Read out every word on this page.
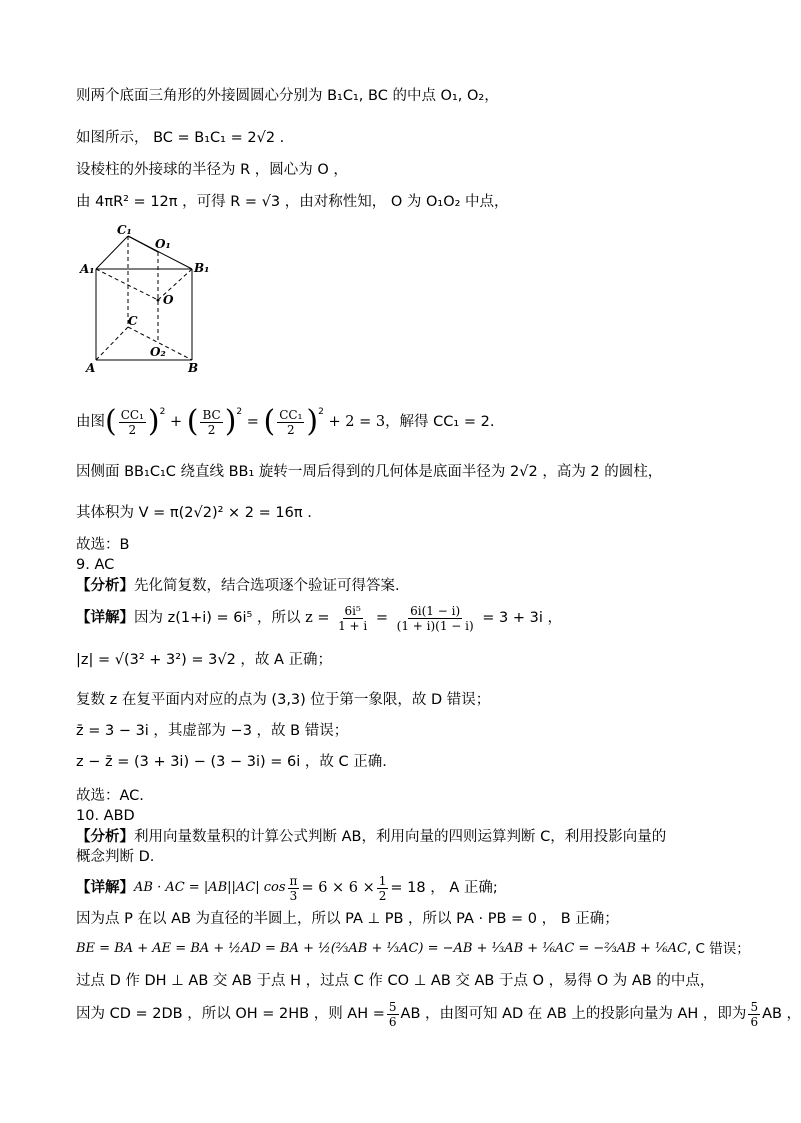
则两个底面三角形的外接圆圆心分别为 B₁C₁, BC 的中点 O₁, O₂，
如图所示， BC = B₁C₁ = 2√2 .
设棱柱的外接球的半径为 R ，圆心为 O ，
由 4πR² = 12π ，可得 R = √3 ，由对称性知， O 为 O₁O₂ 中点，
C₁
O₁
A₁	B₁
O
C
O₂
A	B
由图 ( $\frac{\text{CC₁}}{2} )^2$
+ ( $\frac{BC}{2} )^2$
= ( $\frac{\text{CC₁}}{2} )^2$

+ 2 = 3 ，解得 CC₁ = 2.
因侧面 BB₁C₁C 绕直线 BB₁ 旋转一周后得到的几何体是底面半径为 2√2 ，高为 2 的圆柱，
其体积为 V = π(2√2)² × 2 = 16π .
故选：B
9. AC
【分析】先化简复数，结合选项逐个验证可得答案.
【详解】 因为 z(1+i) = 6i⁵ ，所以 $z = \frac{\text{6i⁵}}{1 + i} = \frac{6i(1 - i)}{(1 + i)(1 - i)}$
= 3 + 3i ，
|z| = √(3² + 3²) = 3√2 ，故 A 正确；
复数 z 在复平面内对应的点为 (3,3) 位于第一象限，故 D 错误；
z̄ = 3 − 3i ，其虚部为 −3 ，故 B 错误；
z − z̄ = (3 + 3i) − (3 − 3i) = 6i ，故 C 正确.
故选：AC.
10. ABD
【分析】利用向量数量积的计算公式判断 AB，利用向量的四则运算判断 C，利用投影向量的
概念判断 D.
【详解】 AB · AC = |AB||AC| $\cos \frac{\pi}{3} = 6 \times 6 \times \frac{1}{2} = 18$ ， A 正确;
因为点 P 在以 AB 为直径的半圆上，所以 PA ⊥ PB ，所以 PA · PB = 0 ， B 正确；
BE = BA + AE = BA + ½AD = BA + ½(⅔AB + ⅓AC) = −AB + ⅓AB + ⅙AC = −⅔AB + ⅙AC , C 错误；
过点 D 作 DH ⊥ AB 交 AB 于点 H ，过点 C 作 CO ⊥ AB 交 AB 于点 O ，易得 O 为 AB 的中点，
因为 CD = 2DB ，所以 OH = 2HB ，则 AH = $\frac{5}{6}$ AB ，由图可知 AD 在 AB 上的投影向量为 AH ，即为 $\frac{5}{6}$ AB ，
